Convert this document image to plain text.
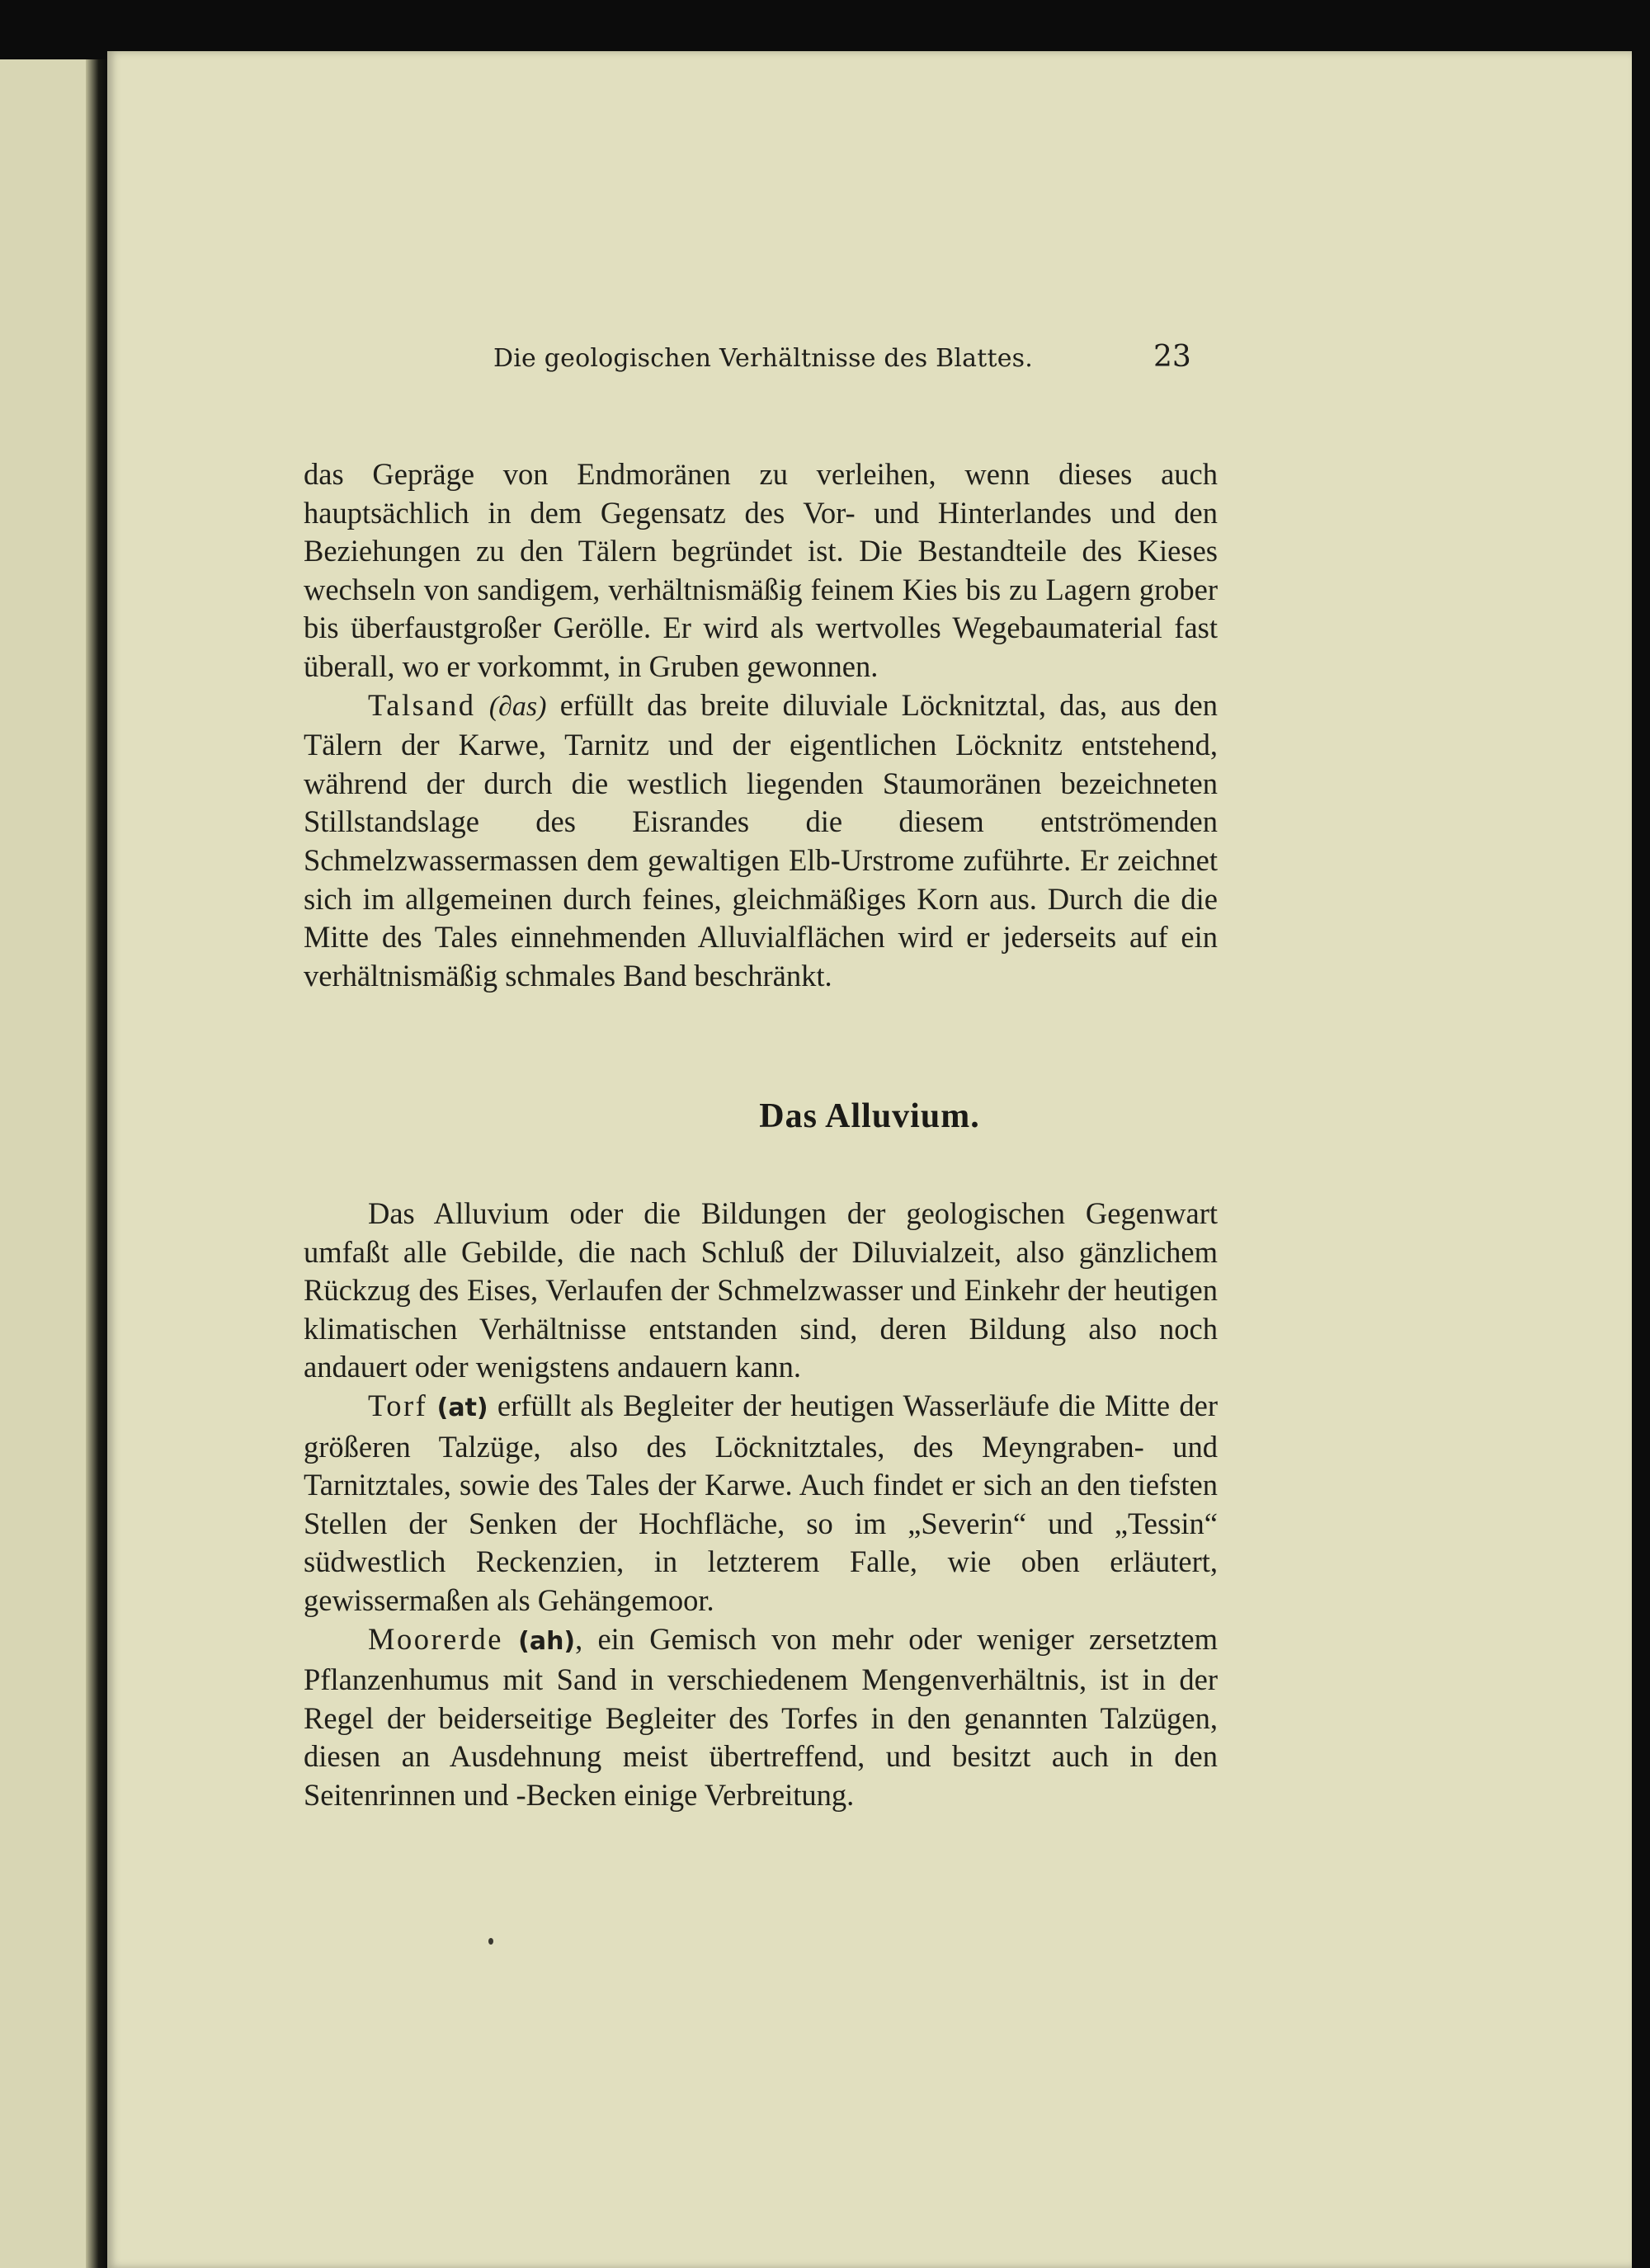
Die geologischen Verhältnisse des Blattes.	23

das Gepräge von Endmoränen zu verleihen, wenn dieses auch hauptsächlich in dem Gegensatz des Vor- und Hinterlandes und den Beziehungen zu den Tälern begründet ist. Die Bestandteile des Kieses wechseln von sandigem, verhältnismäßig feinem Kies bis zu Lagern grober bis überfaustgroßer Gerölle. Er wird als wertvolles Wegebaumaterial fast überall, wo er vorkommt, in Gruben gewonnen.

Talsand (∂as) erfüllt das breite diluviale Löcknitztal, das, aus den Tälern der Karwe, Tarnitz und der eigentlichen Löcknitz entstehend, während der durch die westlich liegenden Staumoränen bezeichneten Stillstandslage des Eisrandes die diesem entströmenden Schmelzwassermassen dem gewaltigen Elb-Urstrome zuführte. Er zeichnet sich im allgemeinen durch feines, gleichmäßiges Korn aus. Durch die die Mitte des Tales einnehmenden Alluvialflächen wird er jederseits auf ein verhältnismäßig schmales Band beschränkt.

Das Alluvium.

Das Alluvium oder die Bildungen der geologischen Gegenwart umfaßt alle Gebilde, die nach Schluß der Diluvialzeit, also gänzlichem Rückzug des Eises, Verlaufen der Schmelzwasser und Einkehr der heutigen klimatischen Verhältnisse entstanden sind, deren Bildung also noch andauert oder wenigstens andauern kann.

Torf (at) erfüllt als Begleiter der heutigen Wasserläufe die Mitte der größeren Talzüge, also des Löcknitztales, des Meyngraben- und Tarnitztales, sowie des Tales der Karwe. Auch findet er sich an den tiefsten Stellen der Senken der Hochfläche, so im „Severin“ und „Tessin“ südwestlich Reckenzien, in letzterem Falle, wie oben erläutert, gewissermaßen als Gehängemoor.

Moorerde (ah), ein Gemisch von mehr oder weniger zersetztem Pflanzenhumus mit Sand in verschiedenem Mengenverhältnis, ist in der Regel der beiderseitige Begleiter des Torfes in den genannten Talzügen, diesen an Ausdehnung meist übertreffend, und besitzt auch in den Seitenrinnen und -Becken einige Verbreitung.
